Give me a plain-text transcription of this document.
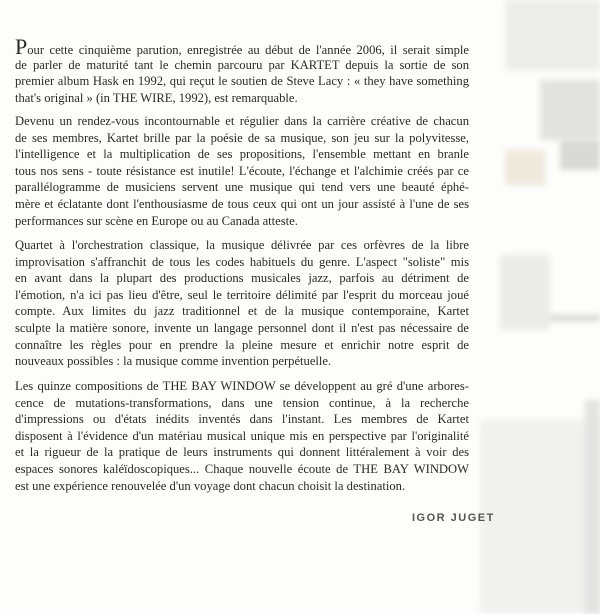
Pour cette cinquième parution, enregistrée au début de l'année 2006, il serait simple
de parler de maturité tant le chemin parcouru par KARTET depuis la sortie de son
premier album Hask en 1992, qui reçut le soutien de Steve Lacy : « they have something
that's original » (in THE WIRE, 1992), est remarquable.
Devenu un rendez-vous incontournable et régulier dans la carrière créative de chacun
de ses membres, Kartet brille par la poésie de sa musique, son jeu sur la polyvitesse,
l'intelligence et la multiplication de ses propositions, l'ensemble mettant en branle
tous nos sens - toute résistance est inutile! L'écoute, l'échange et l'alchimie créés par ce
parallélogramme de musiciens servent une musique qui tend vers une beauté éphé-
mère et éclatante dont l'enthousiasme de tous ceux qui ont un jour assisté à l'une de ses
performances sur scène en Europe ou au Canada atteste.
Quartet à l'orchestration classique, la musique délivrée par ces orfèvres de la libre
improvisation s'affranchit de tous les codes habituels du genre. L'aspect "soliste" mis
en avant dans la plupart des productions musicales jazz, parfois au détriment de
l'émotion, n'a ici pas lieu d'être, seul le territoire délimité par l'esprit du morceau joué
compte. Aux limites du jazz traditionnel et de la musique contemporaine, Kartet
sculpte la matière sonore, invente un langage personnel dont il n'est pas nécessaire de
connaître les règles pour en prendre la pleine mesure et enrichir notre esprit de
nouveaux possibles : la musique comme invention perpétuelle.
Les quinze compositions de THE BAY WINDOW se développent au gré d'une arbores-
cence de mutations-transformations, dans une tension continue, à la recherche
d'impressions ou d'états inédits inventés dans l'instant. Les membres de Kartet
disposent à l'évidence d'un matériau musical unique mis en perspective par l'originalité
et la rigueur de la pratique de leurs instruments qui donnent littéralement à voir des
espaces sonores kaléïdoscopiques... Chaque nouvelle écoute de THE BAY WINDOW
est une expérience renouvelée d'un voyage dont chacun choisit la destination.
IGOR JUGET
